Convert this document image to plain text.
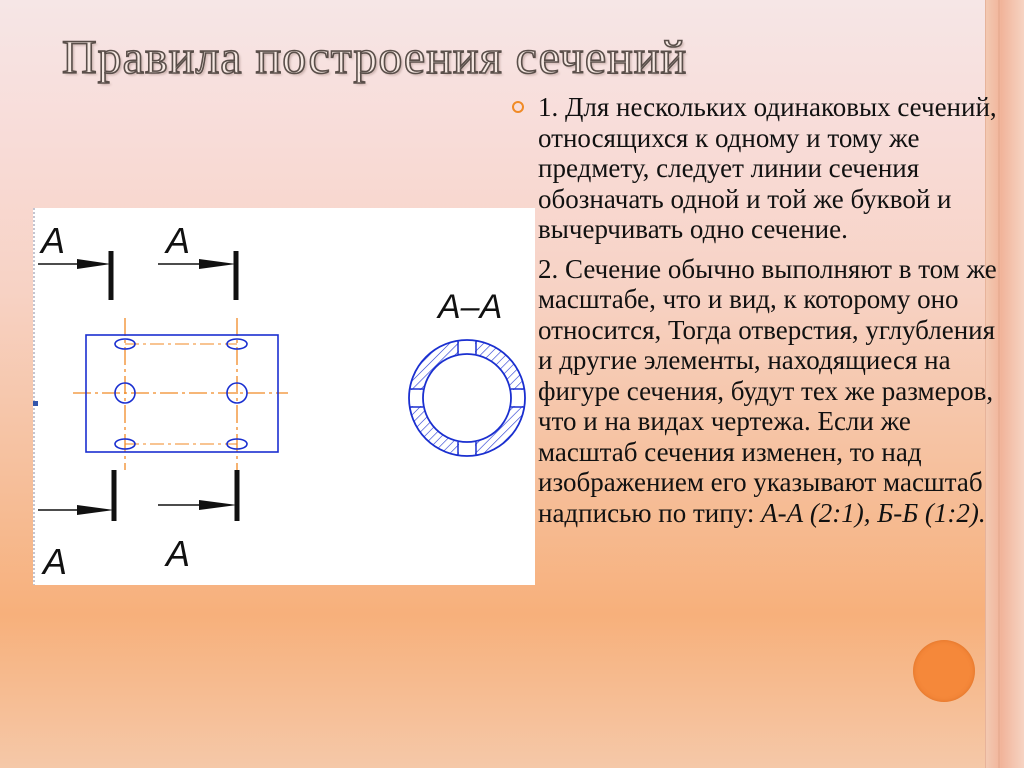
Правила построения сечений
A	A
A	A
A–A

1. Для нескольких одинаковых сечений, относящихся к одному и тому же предмету, следует линии сечения обозначать одной и той же буквой и вычерчивать одно сечение.

2. Сечение обычно выполняют в том же масштабе, что и вид, к которому оно относится, Тогда отверстия, углубления и другие элементы, находящиеся на фигуре сечения, будут тех же размеров, что и на видах чертежа. Если же масштаб сечения изменен, то над изображением его указывают масштаб надписью по типу: А-А (2:1), Б-Б (1:2).
